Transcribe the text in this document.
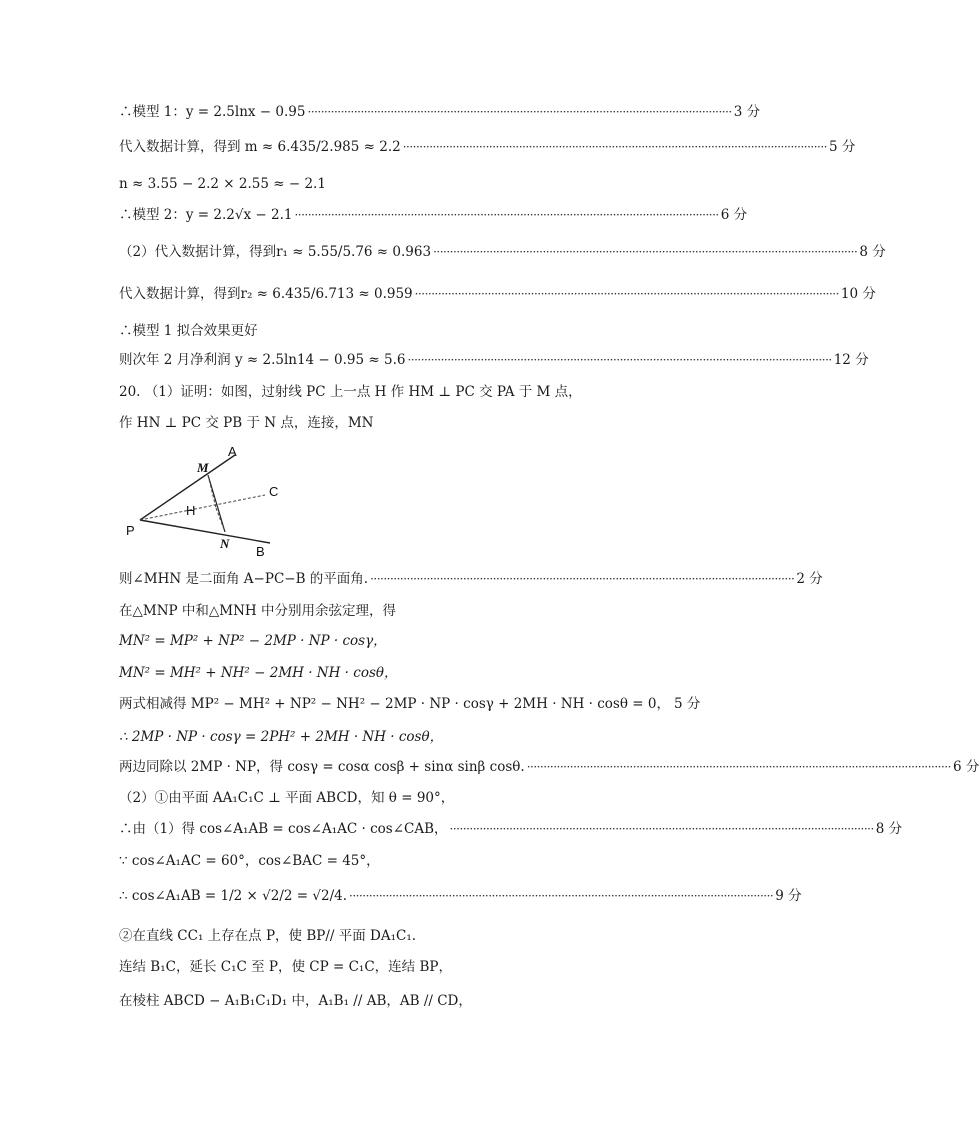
∴模型 1：y = 2.5lnx − 0.95 ································································································································ 3 分
代入数据计算，得到 m ≈ 6.435/2.985 ≈ 2.2 ································································································································ 5 分
n ≈ 3.55 − 2.2 × 2.55 ≈ − 2.1
∴模型 2：y = 2.2√x − 2.1 ································································································································ 6 分
（2）代入数据计算，得到r₁ ≈ 5.55/5.76 ≈ 0.963 ································································································································ 8 分
代入数据计算，得到r₂ ≈ 6.435/6.713 ≈ 0.959 ································································································································ 10 分
∴模型 1 拟合效果更好
则次年 2 月净利润 y ≈ 2.5ln14 − 0.95 ≈ 5.6 ································································································································ 12 分
20. （1）证明：如图，过射线 PC 上一点 H 作 HM ⊥ PC 交 PA 于 M 点，
作 HN ⊥ PC 交 PB 于 N 点，连接，MN
A
C
P
H
B
M
N
则∠MHN 是二面角 A−PC−B 的平面角. ································································································································ 2 分
在△MNP 中和△MNH 中分别用余弦定理，得
MN² = MP² + NP² − 2MP · NP · cosγ，
MN² = MH² + NH² − 2MH · NH · cosθ，
两式相减得 MP² − MH² + NP² − NH² − 2MP · NP · cosγ + 2MH · NH · cosθ = 0， 5 分
∴ 2MP · NP · cosγ = 2PH² + 2MH · NH · cosθ，
两边同除以 2MP · NP，得 cosγ = cosα cosβ + sinα sinβ cosθ. ································································································································ 6 分
（2）①由平面 AA₁C₁C ⊥ 平面 ABCD，知 θ = 90°，
∴由（1）得 cos∠A₁AB = cos∠A₁AC · cos∠CAB， ································································································································ 8 分
∵ cos∠A₁AC = 60°，cos∠BAC = 45°，
∴ cos∠A₁AB = 1/2 × √2/2 = √2/4. ································································································································ 9 分
②在直线 CC₁ 上存在点 P，使 BP// 平面 DA₁C₁.
连结 B₁C，延长 C₁C 至 P，使 CP = C₁C，连结 BP，
在棱柱 ABCD − A₁B₁C₁D₁ 中，A₁B₁ // AB，AB // CD，
